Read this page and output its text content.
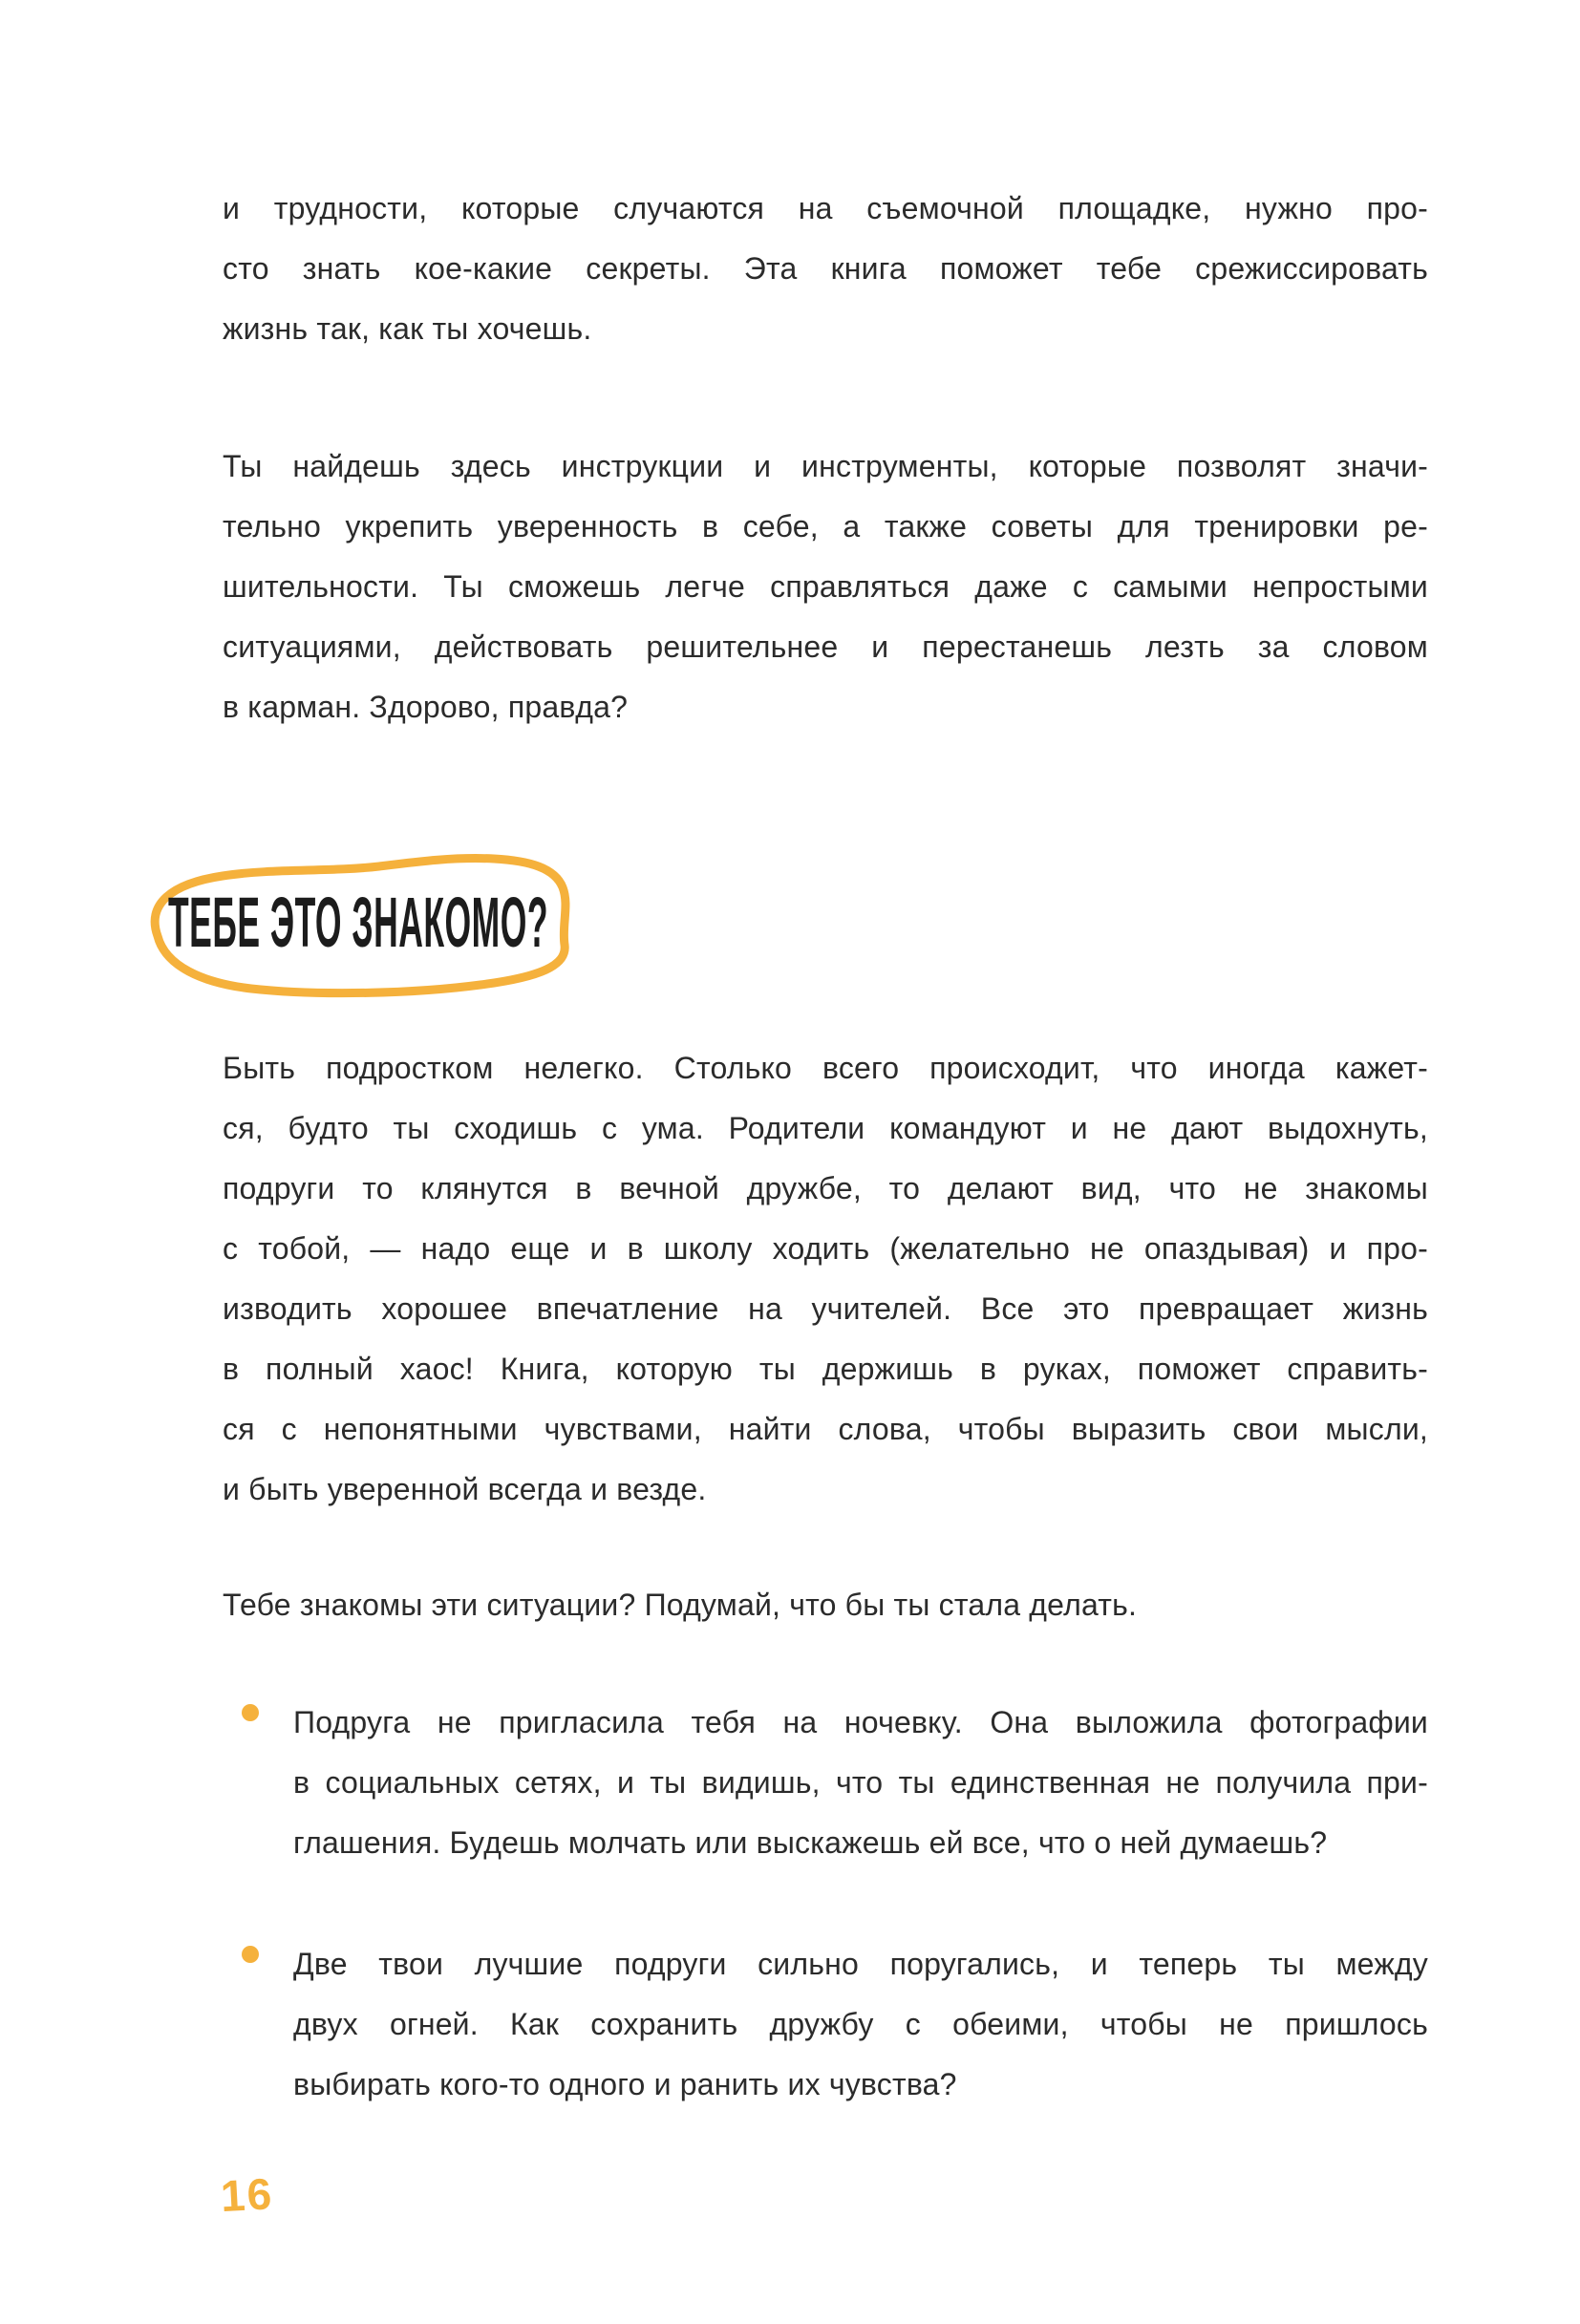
и трудности, которые случаются на съемочной площадке, нужно про-
сто знать кое-какие секреты. Эта книга поможет тебе срежиссировать
жизнь так, как ты хочешь.
Ты найдешь здесь инструкции и инструменты, которые позволят значи-
тельно укрепить уверенность в себе, а также советы для тренировки ре-
шительности. Ты сможешь легче справляться даже с самыми непростыми
ситуациями, действовать решительнее и перестанешь лезть за словом
в карман. Здорово, правда?
ТЕБЕ ЭТО ЗНАКОМО?
Быть подростком нелегко. Столько всего происходит, что иногда кажет-
ся, будто ты сходишь с ума. Родители командуют и не дают выдохнуть,
подруги то клянутся в вечной дружбе, то делают вид, что не знакомы
с тобой, — надо еще и в школу ходить (желательно не опаздывая) и про-
изводить хорошее впечатление на учителей. Все это превращает жизнь
в полный хаос! Книга, которую ты держишь в руках, поможет справить-
ся с непонятными чувствами, найти слова, чтобы выразить свои мысли,
и быть уверенной всегда и везде.
Тебе знакомы эти ситуации? Подумай, что бы ты стала делать.
Подруга не пригласила тебя на ночевку. Она выложила фотографии
в социальных сетях, и ты видишь, что ты единственная не получила при-
глашения. Будешь молчать или выскажешь ей все, что о ней думаешь?
Две твои лучшие подруги сильно поругались, и теперь ты между
двух огней. Как сохранить дружбу с обеими, чтобы не пришлось
выбирать кого-то одного и ранить их чувства?
16
